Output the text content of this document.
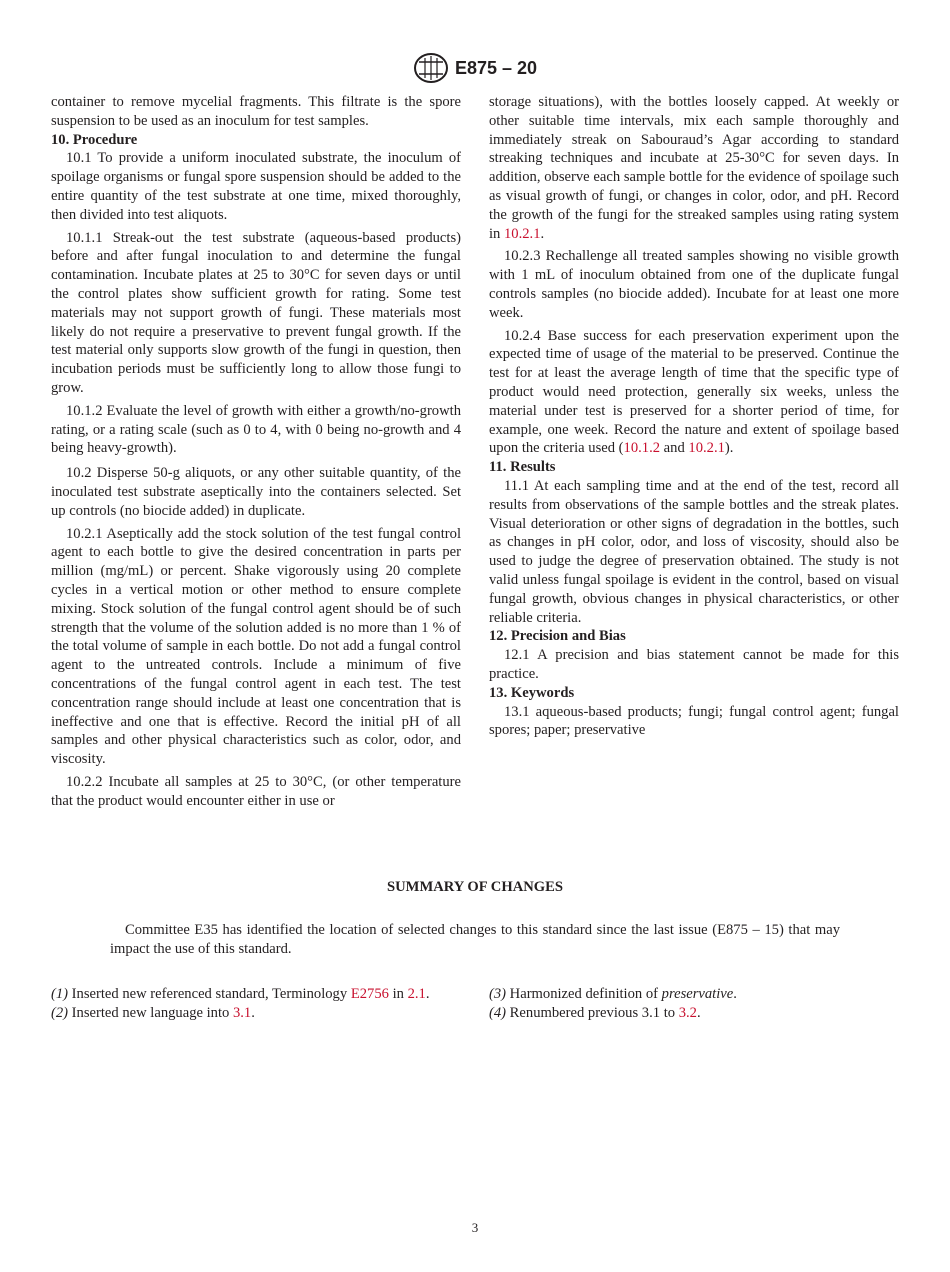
E875 – 20

container to remove mycelial fragments. This filtrate is the spore suspension to be used as an inoculum for test samples.

10. Procedure

10.1 To provide a uniform inoculated substrate, the inoculum of spoilage organisms or fungal spore suspension should be added to the entire quantity of the test substrate at one time, mixed thoroughly, then divided into test aliquots.

10.1.1 Streak-out the test substrate (aqueous-based products) before and after fungal inoculation to and determine the fungal contamination. Incubate plates at 25 to 30°C for seven days or until the control plates show sufficient growth for rating. Some test materials may not support growth of fungi. These materials most likely do not require a preservative to prevent fungal growth. If the test material only supports slow growth of the fungi in question, then incubation periods must be sufficiently long to allow those fungi to grow.

10.1.2 Evaluate the level of growth with either a growth/no-growth rating, or a rating scale (such as 0 to 4, with 0 being no-growth and 4 being heavy-growth).

10.2 Disperse 50-g aliquots, or any other suitable quantity, of the inoculated test substrate aseptically into the containers selected. Set up controls (no biocide added) in duplicate.

10.2.1 Aseptically add the stock solution of the test fungal control agent to each bottle to give the desired concentration in parts per million (mg/mL) or percent. Shake vigorously using 20 complete cycles in a vertical motion or other method to ensure complete mixing. Stock solution of the fungal control agent should be of such strength that the volume of the solution added is no more than 1 % of the total volume of sample in each bottle. Do not add a fungal control agent to the untreated controls. Include a minimum of five concentrations of the fungal control agent in each test. The test concentration range should include at least one concentration that is ineffective and one that is effective. Record the initial pH of all samples and other physical characteristics such as color, odor, and viscosity.

10.2.2 Incubate all samples at 25 to 30°C, (or other temperature that the product would encounter either in use or

storage situations), with the bottles loosely capped. At weekly or other suitable time intervals, mix each sample thoroughly and immediately streak on Sabouraud’s Agar according to standard streaking techniques and incubate at 25-30°C for seven days. In addition, observe each sample bottle for the evidence of spoilage such as visual growth of fungi, or changes in color, odor, and pH. Record the growth of the fungi for the streaked samples using rating system in 10.2.1.

10.2.3 Rechallenge all treated samples showing no visible growth with 1 mL of inoculum obtained from one of the duplicate fungal controls samples (no biocide added). Incubate for at least one more week.

10.2.4 Base success for each preservation experiment upon the expected time of usage of the material to be preserved. Continue the test for at least the average length of time that the specific type of product would need protection, generally six weeks, unless the material under test is preserved for a shorter period of time, for example, one week. Record the nature and extent of spoilage based upon the criteria used (10.1.2 and 10.2.1).

11. Results

11.1 At each sampling time and at the end of the test, record all results from observations of the sample bottles and the streak plates. Visual deterioration or other signs of degradation in the bottles, such as changes in pH color, odor, and loss of viscosity, should also be used to judge the degree of preservation obtained. The study is not valid unless fungal spoilage is evident in the control, based on visual fungal growth, obvious changes in physical characteristics, or other reliable criteria.

12. Precision and Bias

12.1 A precision and bias statement cannot be made for this practice.

13. Keywords

13.1 aqueous-based products; fungi; fungal control agent; fungal spores; paper; preservative

SUMMARY OF CHANGES
Committee E35 has identified the location of selected changes to this standard since the last issue (E875 – 15) that may impact the use of this standard.

(1) Inserted new referenced standard, Terminology E2756 in 2.1.

(2) Inserted new language into 3.1.

(3) Harmonized definition of preservative.

(4) Renumbered previous 3.1 to 3.2.

3
